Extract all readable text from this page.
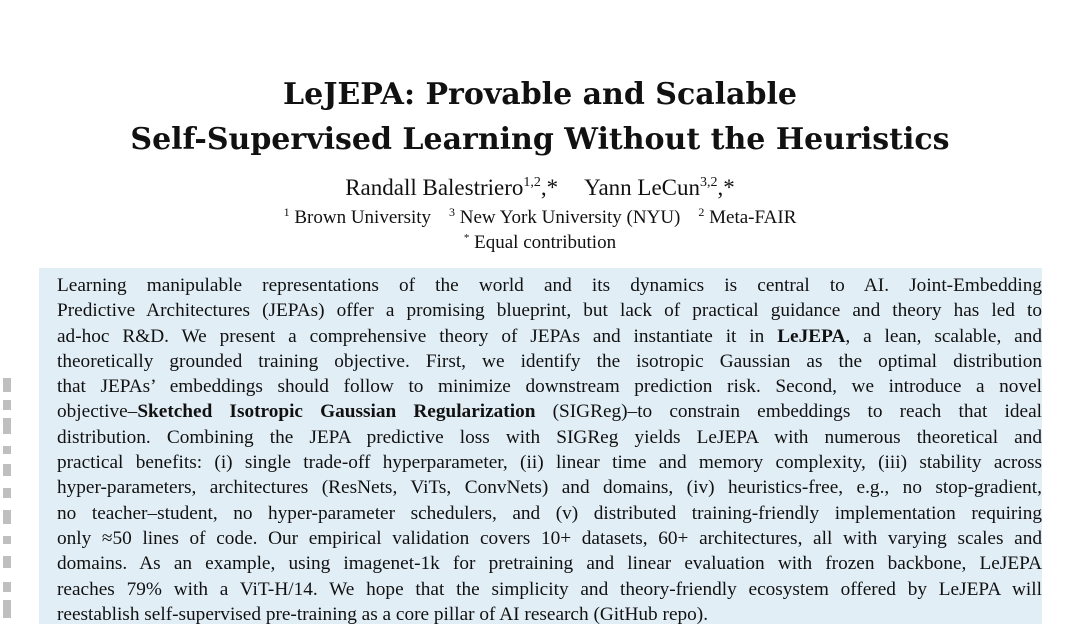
LeJEPA: Provable and Scalable
Self-Supervised Learning Without the Heuristics
Randall Balestriero$^{1,2}$,* Yann LeCun$^{3,2}$,*
$^1$ Brown University $^3$ New York University (NYU) $^2$ Meta-FAIR
* Equal contribution
Learning manipulable representations of the world and its dynamics is central to AI. Joint-Embedding
Predictive Architectures (JEPAs) offer a promising blueprint, but lack of practical guidance and theory has led to
ad-hoc R&D. We present a comprehensive theory of JEPAs and instantiate it in LeJEPA, a lean, scalable, and
theoretically grounded training objective. First, we identify the isotropic Gaussian as the optimal distribution
that JEPAs’ embeddings should follow to minimize downstream prediction risk. Second, we introduce a novel
objective–Sketched Isotropic Gaussian Regularization (SIGReg)–to constrain embeddings to reach that ideal
distribution. Combining the JEPA predictive loss with SIGReg yields LeJEPA with numerous theoretical and
practical benefits: (i) single trade-off hyperparameter, (ii) linear time and memory complexity, (iii) stability across
hyper-parameters, architectures (ResNets, ViTs, ConvNets) and domains, (iv) heuristics-free, e.g., no stop-gradient,
no teacher–student, no hyper-parameter schedulers, and (v) distributed training-friendly implementation requiring
only ≈50 lines of code. Our empirical validation covers 10+ datasets, 60+ architectures, all with varying scales and
domains. As an example, using imagenet-1k for pretraining and linear evaluation with frozen backbone, LeJEPA
reaches 79% with a ViT-H/14. We hope that the simplicity and theory-friendly ecosystem offered by LeJEPA will
reestablish self-supervised pre-training as a core pillar of AI research (GitHub repo).
